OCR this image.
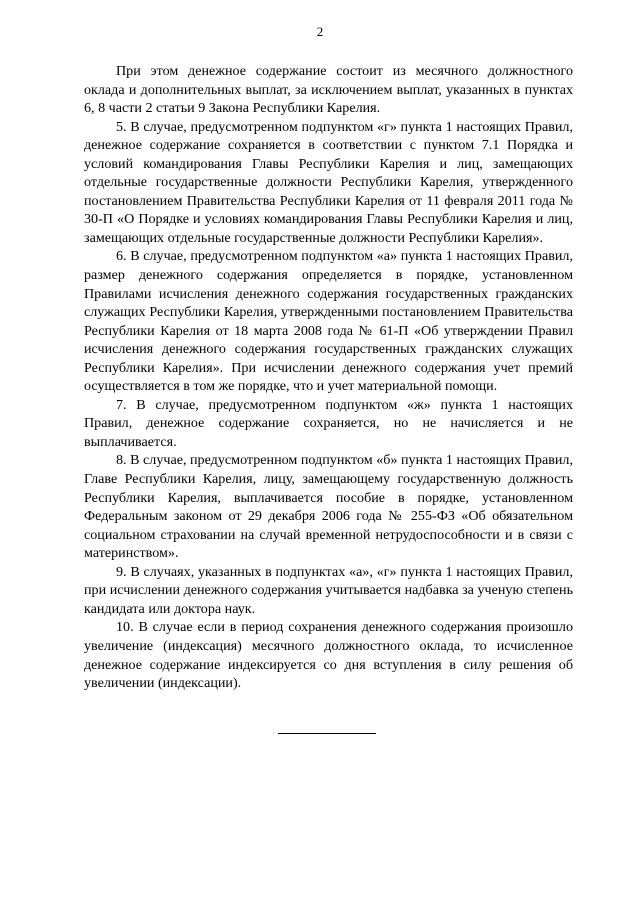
2

При этом денежное содержание состоит из месячного должностного оклада и дополнительных выплат, за исключением выплат, указанных в пунктах 6, 8 части 2 статьи 9 Закона Республики Карелия.

5. В случае, предусмотренном подпунктом «г» пункта 1 настоящих Правил, денежное содержание сохраняется в соответствии с пунктом 7.1 Порядка и условий командирования Главы Республики Карелия и лиц, замещающих отдельные государственные должности Республики Карелия, утвержденного постановлением Правительства Республики Карелия от 11 февраля 2011 года № 30-П «О Порядке и условиях командирования Главы Республики Карелия и лиц, замещающих отдельные государственные должности Республики Карелия».

6. В случае, предусмотренном подпунктом «а» пункта 1 настоящих Правил, размер денежного содержания определяется в порядке, установленном Правилами исчисления денежного содержания государственных гражданских служащих Республики Карелия, утвержденными постановлением Правительства Республики Карелия от 18 марта 2008 года № 61-П «Об утверждении Правил исчисления денежного содержания государственных гражданских служащих Республики Карелия». При исчислении денежного содержания учет премий осуществляется в том же порядке, что и учет материальной помощи.

7. В случае, предусмотренном подпунктом «ж» пункта 1 настоящих Правил, денежное содержание сохраняется, но не начисляется и не выплачивается.

8. В случае, предусмотренном подпунктом «б» пункта 1 настоящих Правил, Главе Республики Карелия, лицу, замещающему государственную должность Республики Карелия, выплачивается пособие в порядке, установленном Федеральным законом от 29 декабря 2006 года № 255-ФЗ «Об обязательном социальном страховании на случай временной нетрудоспособности и в связи с материнством».

9. В случаях, указанных в подпунктах «а», «г» пункта 1 настоящих Правил, при исчислении денежного содержания учитывается надбавка за ученую степень кандидата или доктора наук.

10. В случае если в период сохранения денежного содержания произошло увеличение (индексация) месячного должностного оклада, то исчисленное денежное содержание индексируется со дня вступления в силу решения об увеличении (индексации).
